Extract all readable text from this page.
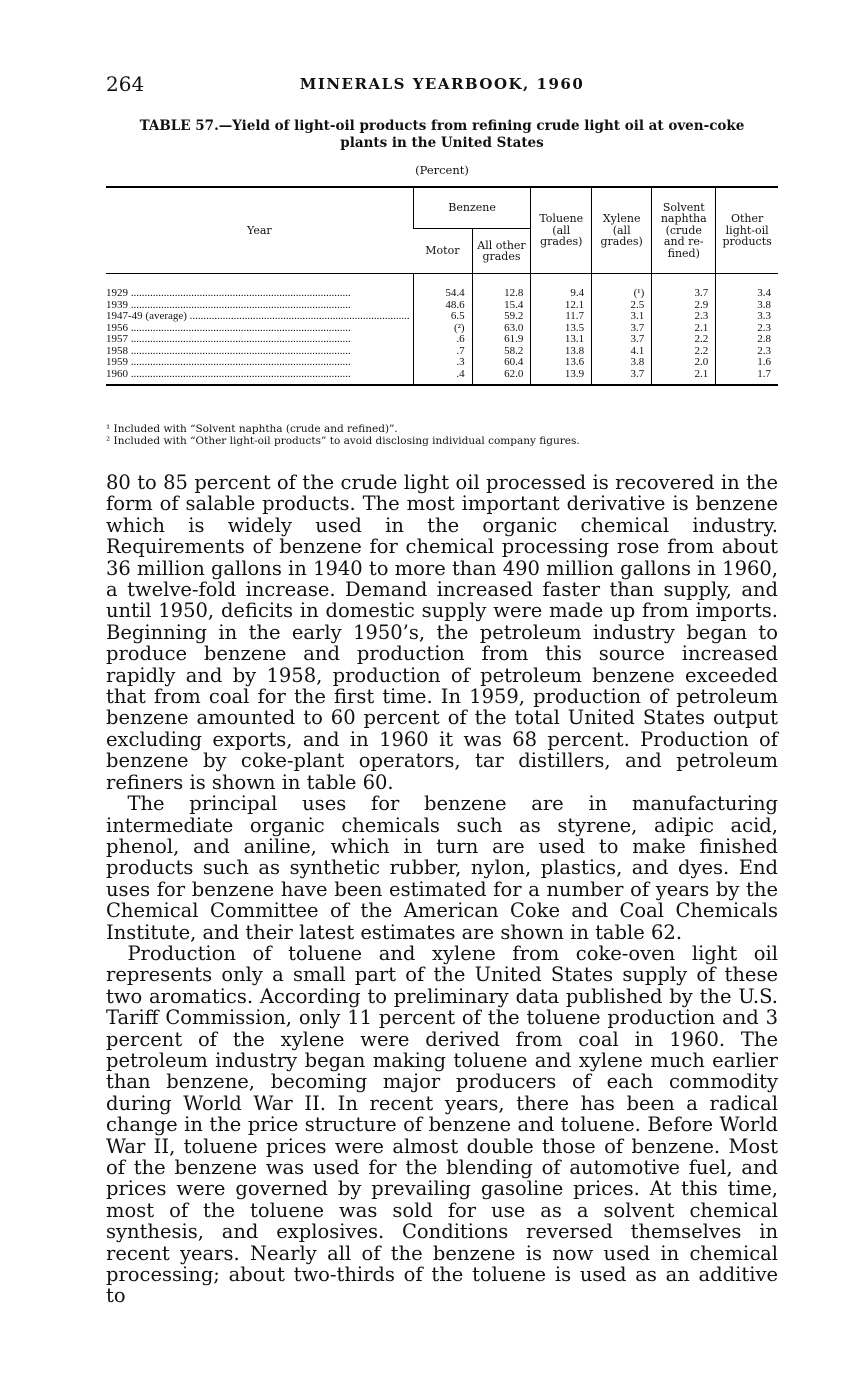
264	MINERALS YEARBOOK, 1960
TABLE 57.—Yield of light-oil products from refining crude light oil at oven-coke
plants in the United States
(Percent)
Year	Benzene		Toluene (all grades)	Xylene (all grades)	Solvent naphtha (crude and re-fined)	Other light-oil products
	Motor	All other grades				

1929 ................................................................................	54.4	12.8	9.4	(¹)	3.7	3.4
1939 ................................................................................	48.6	15.4	12.1	2.5	2.9	3.8
1947-49 (average) ................................................................................	6.5	59.2	11.7	3.1	2.3	3.3
1956 ................................................................................	(²)	63.0	13.5	3.7	2.1	2.3
1957 ................................................................................	.6	61.9	13.1	3.7	2.2	2.8
1958 ................................................................................	.7	58.2	13.8	4.1	2.2	2.3
1959 ................................................................................	.3	60.4	13.6	3.8	2.0	1.6
1960 ................................................................................	.4	62.0	13.9	3.7	2.1	1.7
¹ Included with “Solvent naphtha (crude and refined)”.
² Included with “Other light-oil products” to avoid disclosing individual company figures.

80 to 85 percent of the crude light oil processed is recovered in the form of salable products. The most important derivative is benzene which is widely used in the organic chemical industry. Requirements of benzene for chemical processing rose from about 36 million gallons in 1940 to more than 490 million gallons in 1960, a twelve-fold increase. Demand increased faster than supply, and until 1950, deficits in domestic supply were made up from imports. Beginning in the early 1950’s, the petroleum industry began to produce benzene and production from this source increased rapidly and by 1958, production of petroleum benzene exceeded that from coal for the first time. In 1959, production of petroleum benzene amounted to 60 percent of the total United States output excluding exports, and in 1960 it was 68 percent. Production of benzene by coke-plant operators, tar distillers, and petroleum refiners is shown in table 60.

The principal uses for benzene are in manufacturing intermediate organic chemicals such as styrene, adipic acid, phenol, and aniline, which in turn are used to make finished products such as synthetic rubber, nylon, plastics, and dyes. End uses for benzene have been estimated for a number of years by the Chemical Committee of the American Coke and Coal Chemicals Institute, and their latest estimates are shown in table 62.

Production of toluene and xylene from coke-oven light oil represents only a small part of the United States supply of these two aromatics. According to preliminary data published by the U.S. Tariff Commission, only 11 percent of the toluene production and 3 percent of the xylene were derived from coal in 1960. The petroleum industry began making toluene and xylene much earlier than benzene, becoming major producers of each commodity during World War II. In recent years, there has been a radical change in the price structure of benzene and toluene. Before World War II, toluene prices were almost double those of benzene. Most of the benzene was used for the blending of automotive fuel, and prices were governed by prevailing gasoline prices. At this time, most of the toluene was sold for use as a solvent chemical synthesis, and explosives. Conditions reversed themselves in recent years. Nearly all of the benzene is now used in chemical processing; about two-thirds of the toluene is used as an additive to
